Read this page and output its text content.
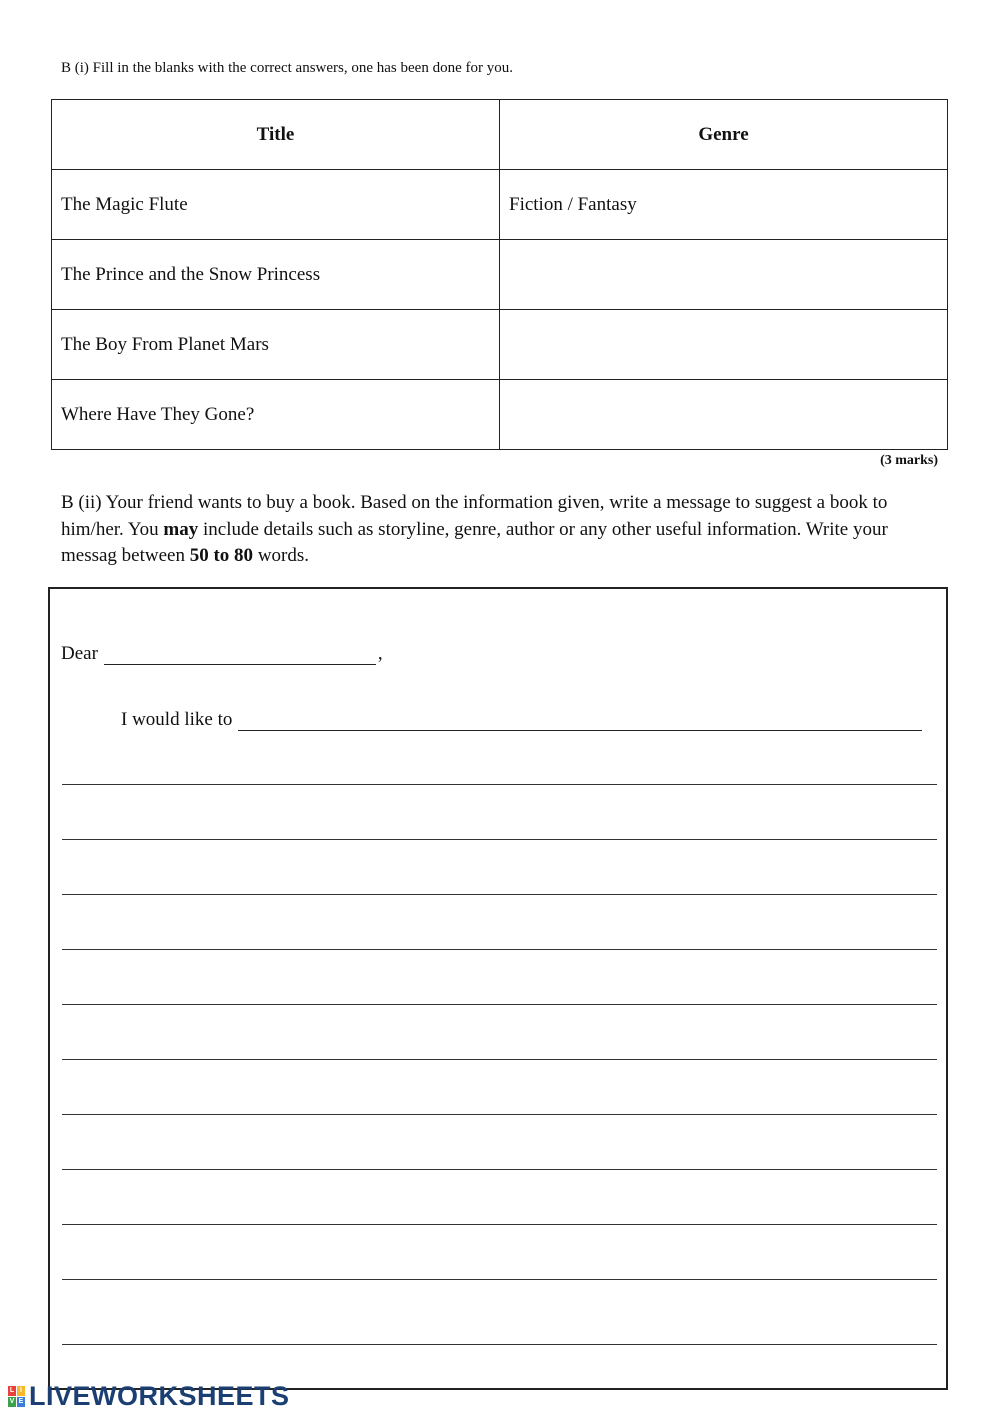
B (i) Fill in the blanks with the correct answers, one has been done for you.
Title	Genre
The Magic Flute	Fiction / Fantasy
The Prince and the Snow Princess	
The Boy From Planet Mars	
Where Have They Gone?	
(3 marks)
B (ii) Your friend wants to buy a book. Based on the information given, write a message to suggest a book to him/her. You may include details such as storyline, genre, author or any other useful information. Write your messag between 50 to 80 words.
Dear	,
I would like to
L I
V E LIVEWORKSHEETS
